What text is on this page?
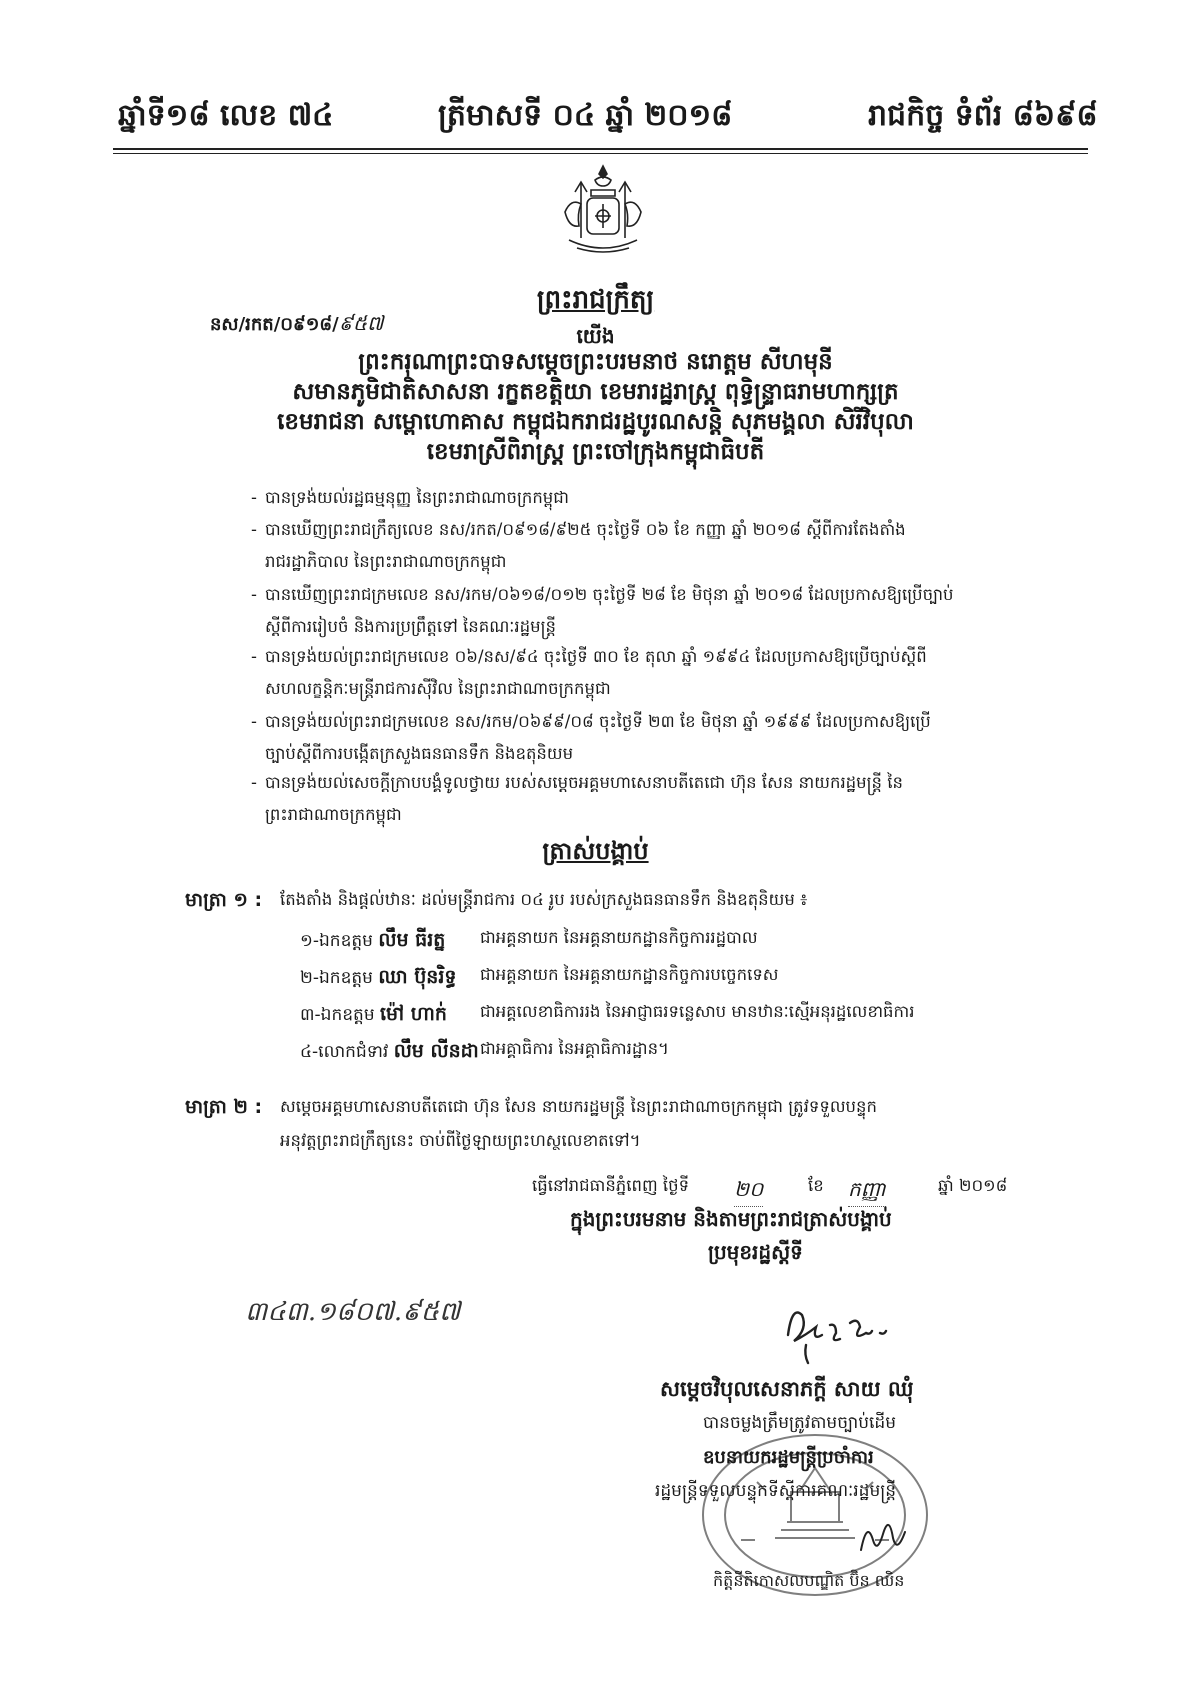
ឆ្នាំទី១៨ លេខ ៧៤	ត្រីមាសទី ០៤ ឆ្នាំ ២០១៨	រាជកិច្ច ទំព័រ ៨៦៩៨
ព្រះរាជក្រឹត្យ
នស/រកត/០៩១៨/៩៥៧
យើង
ព្រះករុណាព្រះបាទសម្តេចព្រះបរមនាថ នរោត្តម សីហមុនី
សមានភូមិជាតិសាសនា រក្ខតខត្តិយា ខេមរារដ្ឋរាស្ត្រ ពុទ្ធិន្ទ្រាធរាមហាក្សត្រ
ខេមរាជនា សម្ពោហោគាស កម្ពុជឯករាជរដ្ឋបូរណសន្តិ សុភមង្គលា សិរីវិបុលា
ខេមរាស្រីពិរាស្ត្រ ព្រះចៅក្រុងកម្ពុជាធិបតី
- បានទ្រង់យល់រដ្ឋធម្មនុញ្ញ នៃព្រះរាជាណាចក្រកម្ពុជា
- បានឃើញព្រះរាជក្រឹត្យលេខ នស/រកត/០៩១៨/៩២៥ ចុះថ្ងៃទី ០៦ ខែ កញ្ញា ឆ្នាំ ២០១៨ ស្តីពីការតែងតាំង
រាជរដ្ឋាភិបាល នៃព្រះរាជាណាចក្រកម្ពុជា
- បានឃើញព្រះរាជក្រមលេខ នស/រកម/០៦១៨/០១២ ចុះថ្ងៃទី ២៨ ខែ មិថុនា ឆ្នាំ ២០១៨ ដែលប្រកាសឱ្យប្រើច្បាប់
ស្តីពីការរៀបចំ និងការប្រព្រឹត្តទៅ នៃគណៈរដ្ឋមន្ត្រី
- បានទ្រង់យល់ព្រះរាជក្រមលេខ ០៦/នស/៩៤ ចុះថ្ងៃទី ៣០ ខែ តុលា ឆ្នាំ ១៩៩៤ ដែលប្រកាសឱ្យប្រើច្បាប់ស្តីពី
សហលក្ខន្តិកៈមន្ត្រីរាជការស៊ីវិល នៃព្រះរាជាណាចក្រកម្ពុជា
- បានទ្រង់យល់ព្រះរាជក្រមលេខ នស/រកម/០៦៩៩/០៨ ចុះថ្ងៃទី ២៣ ខែ មិថុនា ឆ្នាំ ១៩៩៩ ដែលប្រកាសឱ្យប្រើ
ច្បាប់ស្តីពីការបង្កើតក្រសួងធនធានទឹក និងឧតុនិយម
- បានទ្រង់យល់សេចក្តីក្រាបបង្គំទូលថ្វាយ របស់សម្តេចអគ្គមហាសេនាបតីតេជោ ហ៊ុន សែន នាយករដ្ឋមន្ត្រី នៃ
ព្រះរាជាណាចក្រកម្ពុជា
ត្រាស់បង្គាប់
មាត្រា ១ : តែងតាំង និងផ្តល់ឋានៈ ដល់មន្ត្រីរាជការ ០៤ រូប របស់ក្រសួងធនធានទឹក និងឧតុនិយម ៖
១-ឯកឧត្តម លឹម ធីរត្ន ជាអគ្គនាយក នៃអគ្គនាយកដ្ឋានកិច្ចការរដ្ឋបាល
២-ឯកឧត្តម ឈា ប៊ុនរិទ្ធ ជាអគ្គនាយក នៃអគ្គនាយកដ្ឋានកិច្ចការបច្ចេកទេស
៣-ឯកឧត្តម ម៉ៅ ហាក់ ជាអគ្គលេខាធិការរង នៃអាជ្ញាធរទន្លេសាប មានឋានៈស្មើអនុរដ្ឋលេខាធិការ
៤-លោកជំទាវ លឹម លីនដា ជាអគ្គាធិការ នៃអគ្គាធិការដ្ឋាន។
មាត្រា ២ : សម្តេចអគ្គមហាសេនាបតីតេជោ ហ៊ុន សែន នាយករដ្ឋមន្ត្រី នៃព្រះរាជាណាចក្រកម្ពុជា ត្រូវទទួលបន្ទុក
អនុវត្តព្រះរាជក្រឹត្យនេះ ចាប់ពីថ្ងៃឡាយព្រះហស្ថលេខាតទៅ។
ធ្វើនៅរាជធានីភ្នំពេញ ថ្ងៃទី ២០	ខែ កញ្ញា	ឆ្នាំ ២០១៨
ក្នុងព្រះបរមនាម និងតាមព្រះរាជត្រាស់បង្គាប់
ប្រមុខរដ្ឋស្តីទី
៣៤៣.១៨០៧.៩៥៧
សម្តេចវិបុលសេនាភក្តី សាយ ឈុំ
បានចម្លងត្រឹមត្រូវតាមច្បាប់ដើម
ឧបនាយករដ្ឋមន្ត្រីប្រចាំការ
រដ្ឋមន្ត្រីទទួលបន្ទុកទីស្តីការគណៈរដ្ឋមន្ត្រី
កិត្តិនីតិកោសលបណ្ឌិត ប៊ិន ឈិន
